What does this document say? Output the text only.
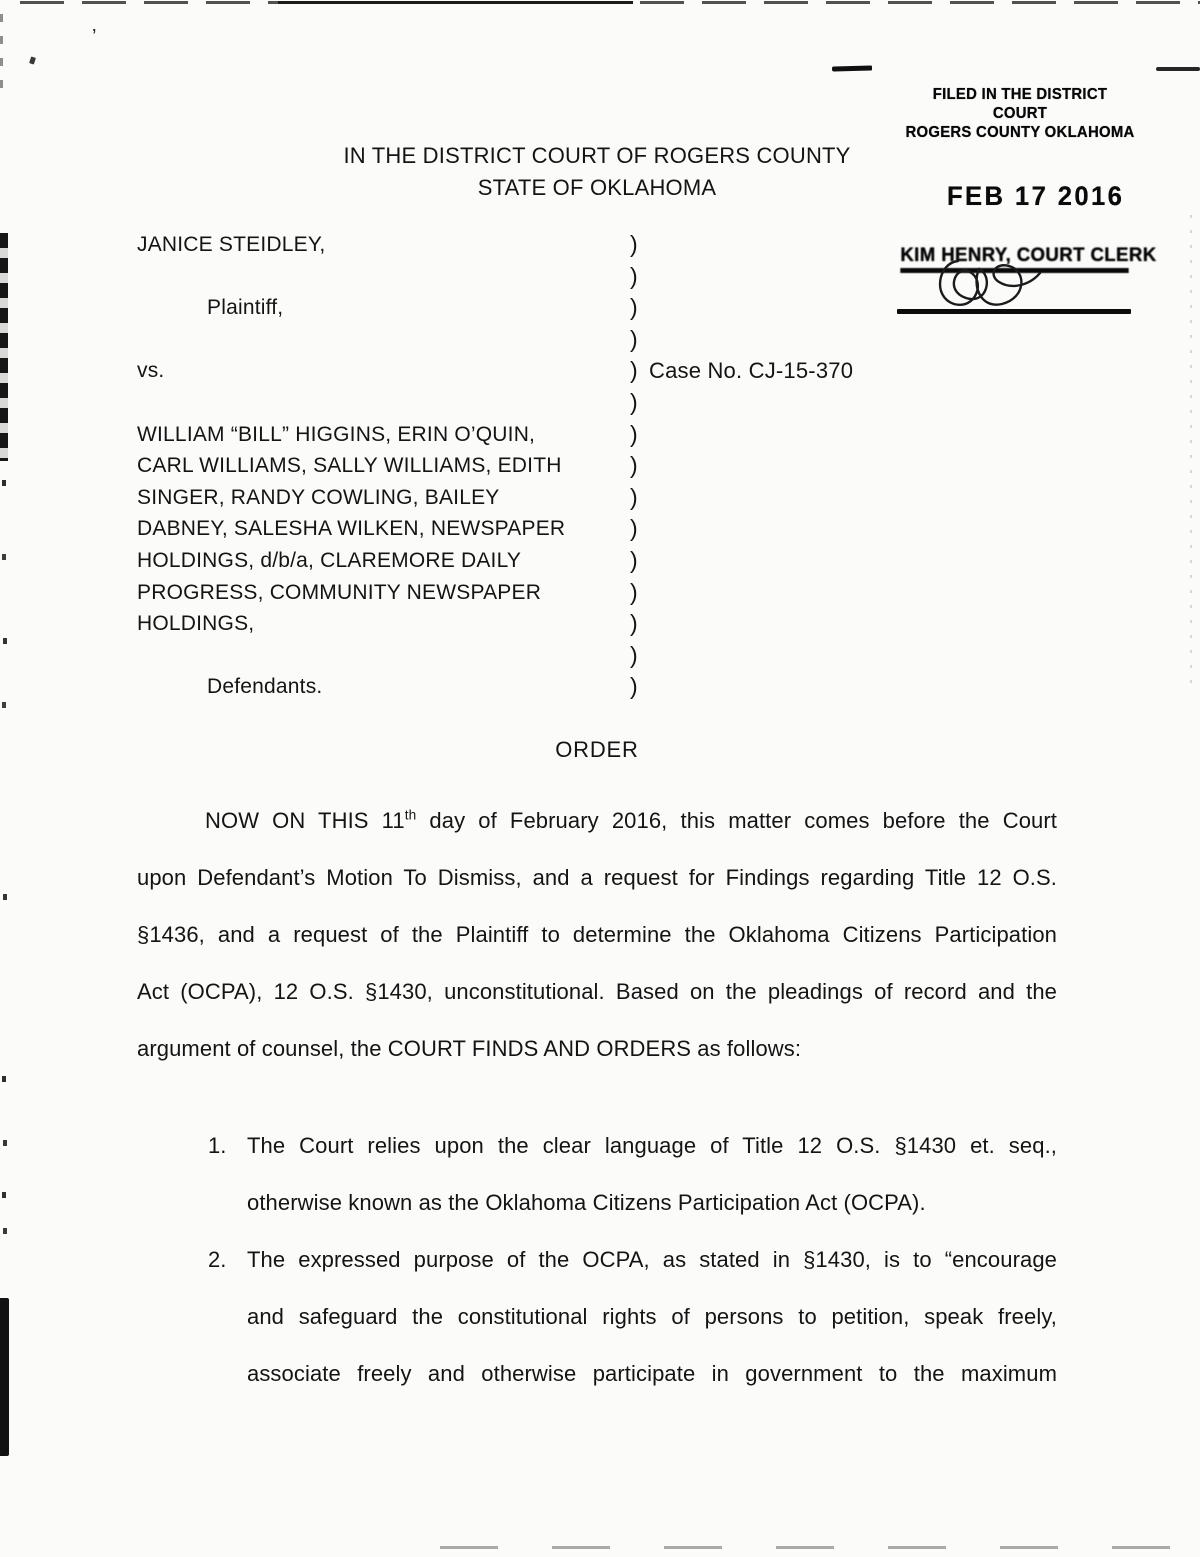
’
FILED IN THE DISTRICT COURT
ROGERS COUNTY OKLAHOMA
FEB 17 2016
KIM HENRY, COURT CLERK
IN THE DISTRICT COURT OF ROGERS COUNTY
STATE OF OKLAHOMA
JANICE STEIDLEY,	)
)
Plaintiff,	)
)
vs.	) Case No. CJ-15-370
)
WILLIAM “BILL” HIGGINS, ERIN O’QUIN,	)
CARL WILLIAMS, SALLY WILLIAMS, EDITH	)
SINGER, RANDY COWLING, BAILEY	)
DABNEY, SALESHA WILKEN, NEWSPAPER	)
HOLDINGS, d/b/a, CLAREMORE DAILY	)
PROGRESS, COMMUNITY NEWSPAPER	)
HOLDINGS,	)
)
Defendants.	)
ORDER
NOW ON THIS 11th day of February 2016, this matter comes before the Court
upon Defendant’s Motion To Dismiss, and a request for Findings regarding Title 12 O.S.
§1436, and a request of the Plaintiff to determine the Oklahoma Citizens Participation
Act (OCPA), 12 O.S. §1430, unconstitutional. Based on the pleadings of record and the
argument of counsel, the COURT FINDS AND ORDERS as follows:
1. The Court relies upon the clear language of Title 12 O.S. §1430 et. seq.,
otherwise known as the Oklahoma Citizens Participation Act (OCPA).
2. The expressed purpose of the OCPA, as stated in §1430, is to “encourage
and safeguard the constitutional rights of persons to petition, speak freely,
associate freely and otherwise participate in government to the maximum
